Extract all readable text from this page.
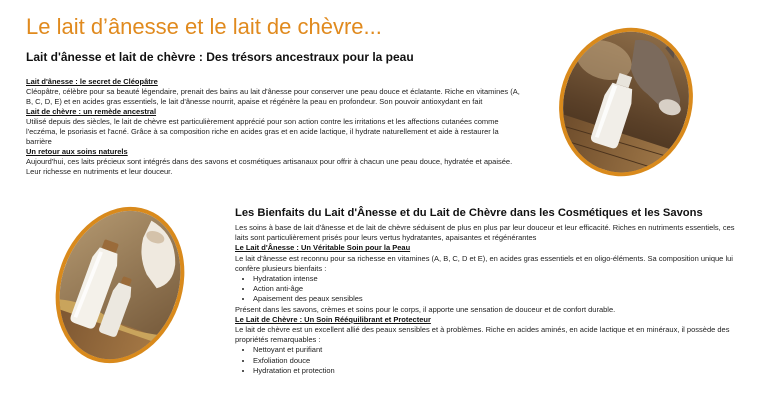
Le lait d’ânesse et le lait de chèvre...
Lait d'ânesse et lait de chèvre : Des trésors ancestraux pour la peau

Lait d'ânesse : le secret de Cléopâtre

Cléopâtre, célèbre pour sa beauté légendaire, prenait des bains au lait d'ânesse pour conserver une peau douce et éclatante. Riche en vitamines (A, B, C, D, E) et en acides gras essentiels, le lait d'ânesse nourrit, apaise et régénère la peau en profondeur. Son pouvoir antioxydant en fait

Lait de chèvre : un remède ancestral

Utilisé depuis des siècles, le lait de chèvre est particulièrement apprécié pour son action contre les irritations et les affections cutanées comme l'eczéma, le psoriasis et l'acné. Grâce à sa composition riche en acides gras et en acide lactique, il hydrate naturellement et aide à restaurer la barrière

Un retour aux soins naturels

Aujourd'hui, ces laits précieux sont intégrés dans des savons et cosmétiques artisanaux pour offrir à chacun une peau douce, hydratée et apaisée. Leur richesse en nutriments et leur douceur.

Les Bienfaits du Lait d'Ânesse et du Lait de Chèvre dans les Cosmétiques et les Savons

Les soins à base de lait d'ânesse et de lait de chèvre séduisent de plus en plus par leur douceur et leur efficacité. Riches en nutriments essentiels, ces laits sont particulièrement prisés pour leurs vertus hydratantes, apaisantes et régénérantes

Le Lait d'Ânesse : Un Véritable Soin pour la Peau

Le lait d'ânesse est reconnu pour sa richesse en vitamines (A, B, C, D et E), en acides gras essentiels et en oligo-éléments. Sa composition unique lui confère plusieurs bienfaits :

• Hydratation intense
• Action anti-âge
• Apaisement des peaux sensibles

Présent dans les savons, crèmes et soins pour le corps, il apporte une sensation de douceur et de confort durable.

Le Lait de Chèvre : Un Soin Rééquilibrant et Protecteur

Le lait de chèvre est un excellent allié des peaux sensibles et à problèmes. Riche en acides aminés, en acide lactique et en minéraux, il possède des propriétés remarquables :

• Nettoyant et purifiant
• Exfoliation douce
• Hydratation et protection
